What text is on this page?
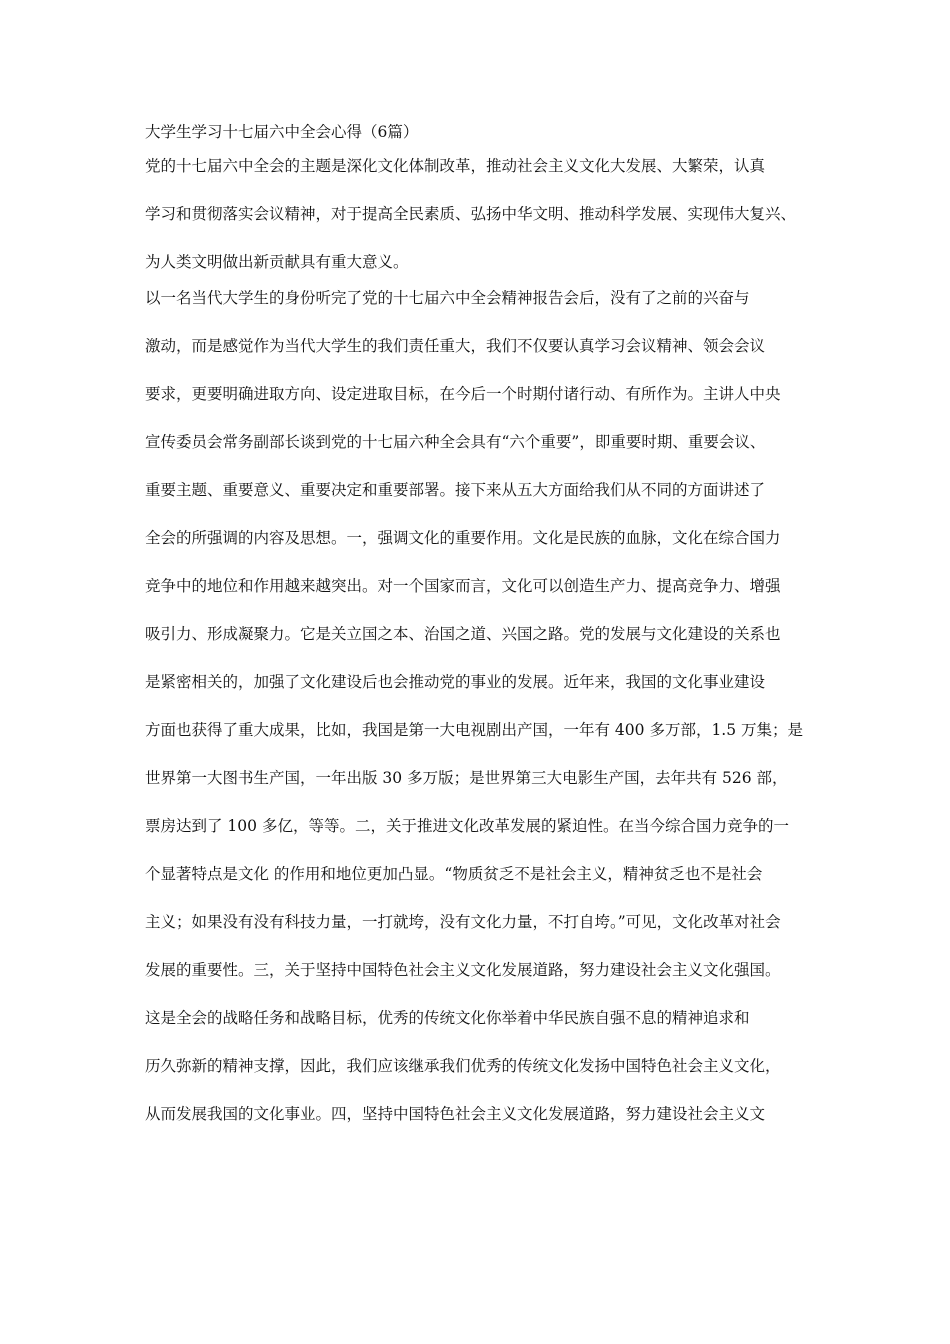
大学生学习十七届六中全会心得（6篇）
党的十七届六中全会的主题是深化文化体制改革，推动社会主义文化大发展、大繁荣，认真
学习和贯彻落实会议精神，对于提高全民素质、弘扬中华文明、推动科学发展、实现伟大复兴、
为人类文明做出新贡献具有重大意义。
以一名当代大学生的身份听完了党的十七届六中全会精神报告会后，没有了之前的兴奋与
激动，而是感觉作为当代大学生的我们责任重大，我们不仅要认真学习会议精神、领会会议
要求，更要明确进取方向、设定进取目标，在今后一个时期付诸行动、有所作为。主讲人中央
宣传委员会常务副部长谈到党的十七届六种全会具有“六个重要”，即重要时期、重要会议、
重要主题、重要意义、重要决定和重要部署。接下来从五大方面给我们从不同的方面讲述了
全会的所强调的内容及思想。一，强调文化的重要作用。文化是民族的血脉，文化在综合国力
竞争中的地位和作用越来越突出。对一个国家而言，文化可以创造生产力、提高竞争力、增强
吸引力、形成凝聚力。它是关立国之本、治国之道、兴国之路。党的发展与文化建设的关系也
是紧密相关的，加强了文化建设后也会推动党的事业的发展。近年来，我国的文化事业建设
方面也获得了重大成果，比如，我国是第一大电视剧出产国，一年有 400 多万部，1.5 万集；是
世界第一大图书生产国，一年出版 30 多万版；是世界第三大电影生产国，去年共有 526 部，
票房达到了 100 多亿，等等。二，关于推进文化改革发展的紧迫性。在当今综合国力竞争的一
个显著特点是文化 的作用和地位更加凸显。“物质贫乏不是社会主义，精神贫乏也不是社会
主义；如果没有没有科技力量，一打就垮，没有文化力量，不打自垮。”可见，文化改革对社会
发展的重要性。三，关于坚持中国特色社会主义文化发展道路，努力建设社会主义文化强国。
这是全会的战略任务和战略目标，优秀的传统文化你举着中华民族自强不息的精神追求和
历久弥新的精神支撑，因此，我们应该继承我们优秀的传统文化发扬中国特色社会主义文化，
从而发展我国的文化事业。四，坚持中国特色社会主义文化发展道路，努力建设社会主义文
